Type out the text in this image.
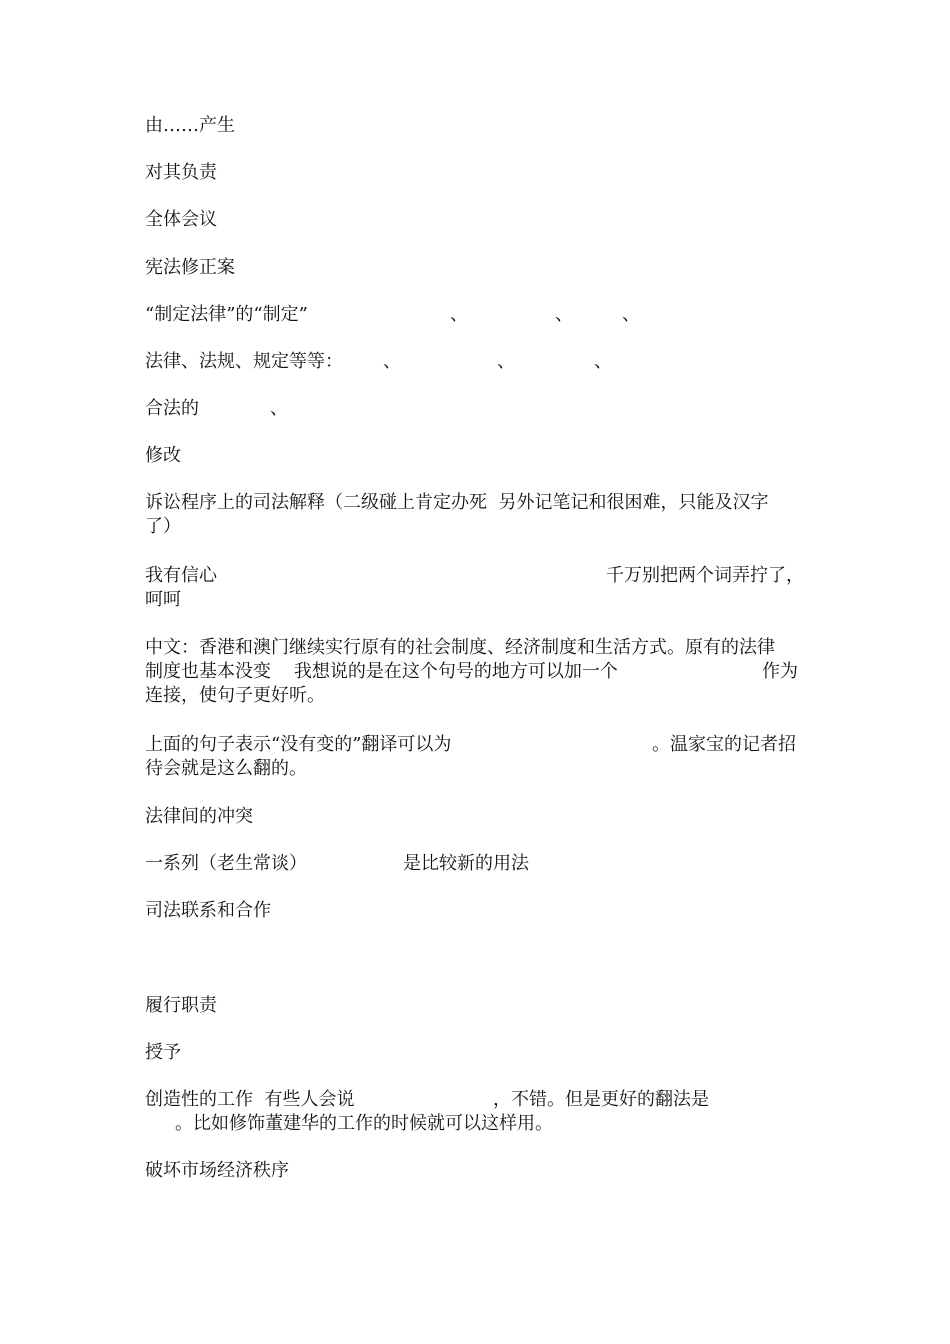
由……产生
对其负责
全体会议
宪法修正案
“制定法律”的“制定”	、	、	、
法律、法规、规定等等： 、	、	、
合法的	、
修改
诉讼程序上的司法解释（二级碰上肯定办死  另外记笔记和很困难，只能及汉字
了）
我有信心	千万别把两个词弄拧了，
呵呵
中文：香港和澳门继续实行原有的社会制度、经济制度和生活方式。原有的法律
制度也基本没变    我想说的是在这个句号的地方可以加一个	作为
连接，使句子更好听。
上面的句子表示“没有变的”翻译可以为	。温家宝的记者招
待会就是这么翻的。
法律间的冲突
一系列（老生常谈）	是比较新的用法
司法联系和合作
履行职责
授予
创造性的工作  有些人会说	，不错。但是更好的翻法是
。比如修饰董建华的工作的时候就可以这样用。
破坏市场经济秩序
